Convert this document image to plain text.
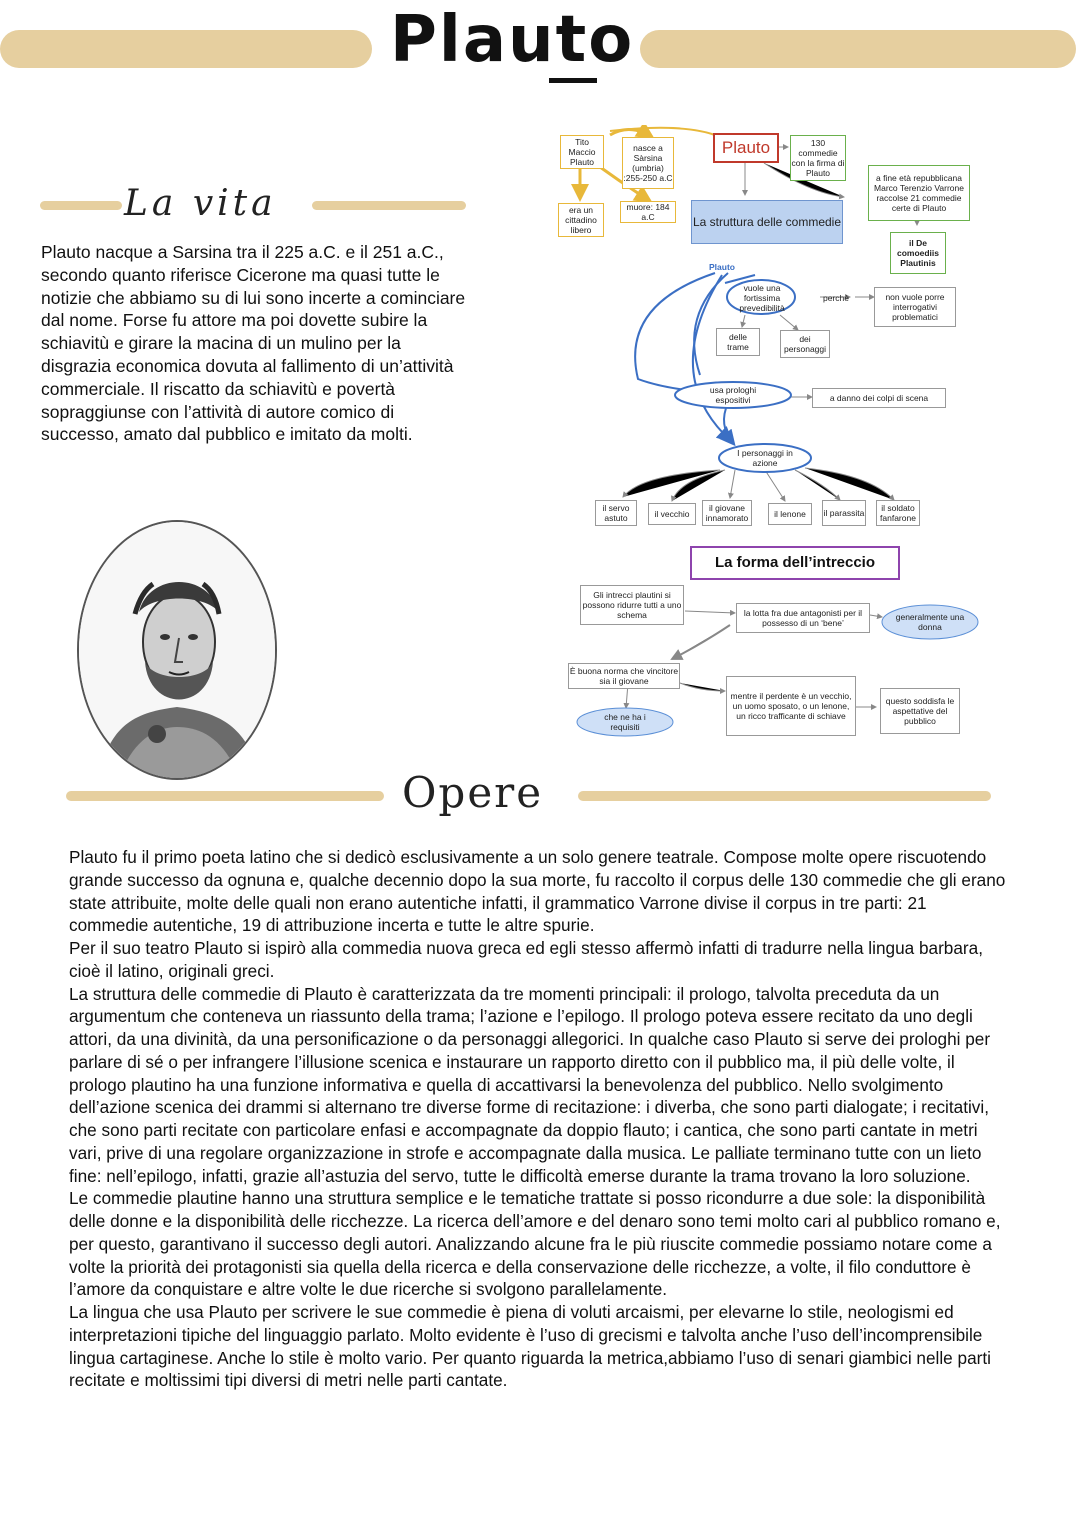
Plauto
La vita

Plauto nacque a Sarsina tra il 225 a.C. e il 251 a.C., secondo quanto riferisce Cicerone ma quasi tutte le notizie che abbiamo su di lui sono incerte a cominciare dal nome. Forse fu attore ma poi dovette subire la schiavitù e girare la macina di un mulino per la disgrazia economica dovuta al fallimento di un’attività commerciale. Il riscatto da schiavitù e povertà sopraggiunse con l’attività di autore comico di successo, amato dal pubblico e imitato da molti.

Tito Maccio Plauto
nasce a Sàrsina (umbria) :255-250 a.C
era un cittadino libero
muore: 184 a.C
Plauto	130 commedie con la firma di Plauto	a fine età repubblicana Marco Terenzio Varrone raccolse 21 commedie certe di Plauto
il De comoediis Plautinis
La struttura delle commedie
Plauto
vuole una fortissima prevedibilità
perchè	non vuole porre interrogativi problematici
delle trame
dei personaggi
usa prologhi espositivi	a danno dei colpi di scena
I personaggi in azione
il servo astuto	il vecchio
il giovane innamorato	il lenone	il parassita	il soldato fanfarone
La forma dell’intreccio
Gli intrecci plautini si possono ridurre tutti a uno schema	la lotta fra due antagonisti per il possesso di un ‘bene’
generalmente una donna
È buona norma che vincitore sia il giovane
che ne ha i requisiti
mentre il perdente è un vecchio, un uomo sposato, o un lenone, un ricco trafficante di schiave
questo soddisfa le aspettative del pubblico
Opere

Plauto fu il primo poeta latino che si dedicò esclusivamente a un solo genere teatrale. Compose molte opere riscuotendo grande successo da ognuna e, qualche decennio dopo la sua morte, fu raccolto il corpus delle 130 commedie che gli erano state attribuite, molte delle quali non erano autentiche infatti, il grammatico Varrone divise il corpus in tre parti: 21 commedie autentiche, 19 di attribuzione incerta e tutte le altre spurie.

Per il suo teatro Plauto si ispirò alla commedia nuova greca ed egli stesso affermò infatti di tradurre nella lingua barbara, cioè il latino, originali greci.

La struttura delle commedie di Plauto è caratterizzata da tre momenti principali: il prologo, talvolta preceduta da un argumentum che conteneva un riassunto della trama; l’azione e l’epilogo. Il prologo poteva essere recitato da uno degli attori, da una divinità, da una personificazione o da personaggi allegorici. In qualche caso Plauto si serve dei prologhi per parlare di sé o per infrangere l’illusione scenica e instaurare un rapporto diretto con il pubblico ma, il più delle volte, il prologo plautino ha una funzione informativa e quella di accattivarsi la benevolenza del pubblico. Nello svolgimento dell’azione scenica dei drammi si alternano tre diverse forme di recitazione: i diverba, che sono parti dialogate; i recitativi, che sono parti recitate con particolare enfasi e accompagnate da doppio flauto; i cantica, che sono parti cantate in metri vari, prive di una regolare organizzazione in strofe e accompagnate dalla musica. Le palliate terminano tutte con un lieto fine: nell’epilogo, infatti, grazie all’astuzia del servo, tutte le difficoltà emerse durante la trama trovano la loro soluzione.

Le commedie plautine hanno una struttura semplice e le tematiche trattate si posso ricondurre a due sole: la disponibilità delle donne e la disponibilità delle ricchezze. La ricerca dell’amore e del denaro sono temi molto cari al pubblico romano e, per questo, garantivano il successo degli autori. Analizzando alcune fra le più riuscite commedie possiamo notare come a volte la priorità dei protagonisti sia quella della ricerca e della conservazione delle ricchezze, a volte, il filo conduttore è l’amore da conquistare e altre volte le due ricerche si svolgono parallelamente.

La lingua che usa Plauto per scrivere le sue commedie è piena di voluti arcaismi, per elevarne lo stile, neologismi ed interpretazioni tipiche del linguaggio parlato. Molto evidente è l’uso di grecismi e talvolta anche l’uso dell’incomprensibile lingua cartaginese. Anche lo stile è molto vario. Per quanto riguarda la metrica,abbiamo l’uso di senari giambici nelle parti recitate e moltissimi tipi diversi di metri nelle parti cantate.
